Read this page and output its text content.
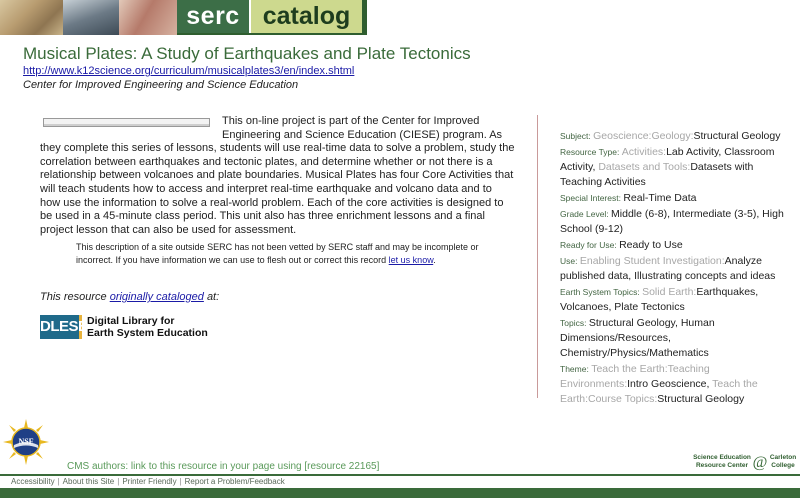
serc catalog
Musical Plates: A Study of Earthquakes and Plate Tectonics
http://www.k12science.org/curriculum/musicalplates3/en/index.shtml
Center for Improved Engineering and Science Education
This on-line project is part of the Center for Improved Engineering and Science Education (CIESE) program. As they complete this series of lessons, students will use real-time data to solve a problem, study the correlation between earthquakes and tectonic plates, and determine whether or not there is a relationship between volcanoes and plate boundaries. Musical Plates has four Core Activities that will teach students how to access and interpret real-time earthquake and volcano data and to how use the information to solve a real-world problem. Each of the core activities is designed to be used in a 45-minute class period. This unit also has three enrichment lessons and a final project lesson that can also be used for assessment.
This description of a site outside SERC has not been vetted by SERC staff and may be incomplete or incorrect. If you have information we can use to flesh out or correct this record let us know.
This resource originally cataloged at:
DLESE Digital Library for
Earth System Education
Subject: Geoscience:Geology:Structural Geology
Resource Type: Activities:Lab Activity, Classroom Activity, Datasets and Tools:Datasets with Teaching Activities
Special Interest: Real-Time Data
Grade Level: Middle (6-8), Intermediate (3-5), High School (9-12)
Ready for Use: Ready to Use
Use: Enabling Student Investigation:Analyze published data, Illustrating concepts and ideas
Earth System Topics: Solid Earth:Earthquakes, Volcanoes, Plate Tectonics
Topics: Structural Geology, Human Dimensions/Resources, Chemistry/Physics/Mathematics
Theme: Teach the Earth:Teaching Environments:Intro Geoscience, Teach the Earth:Course Topics:Structural Geology
NSF
CMS authors: link to this resource in your page using [resource 22165]
Science Education
Resource Center @ Carleton
College
Accessibility | About this Site | Printer Friendly | Report a Problem/Feedback
